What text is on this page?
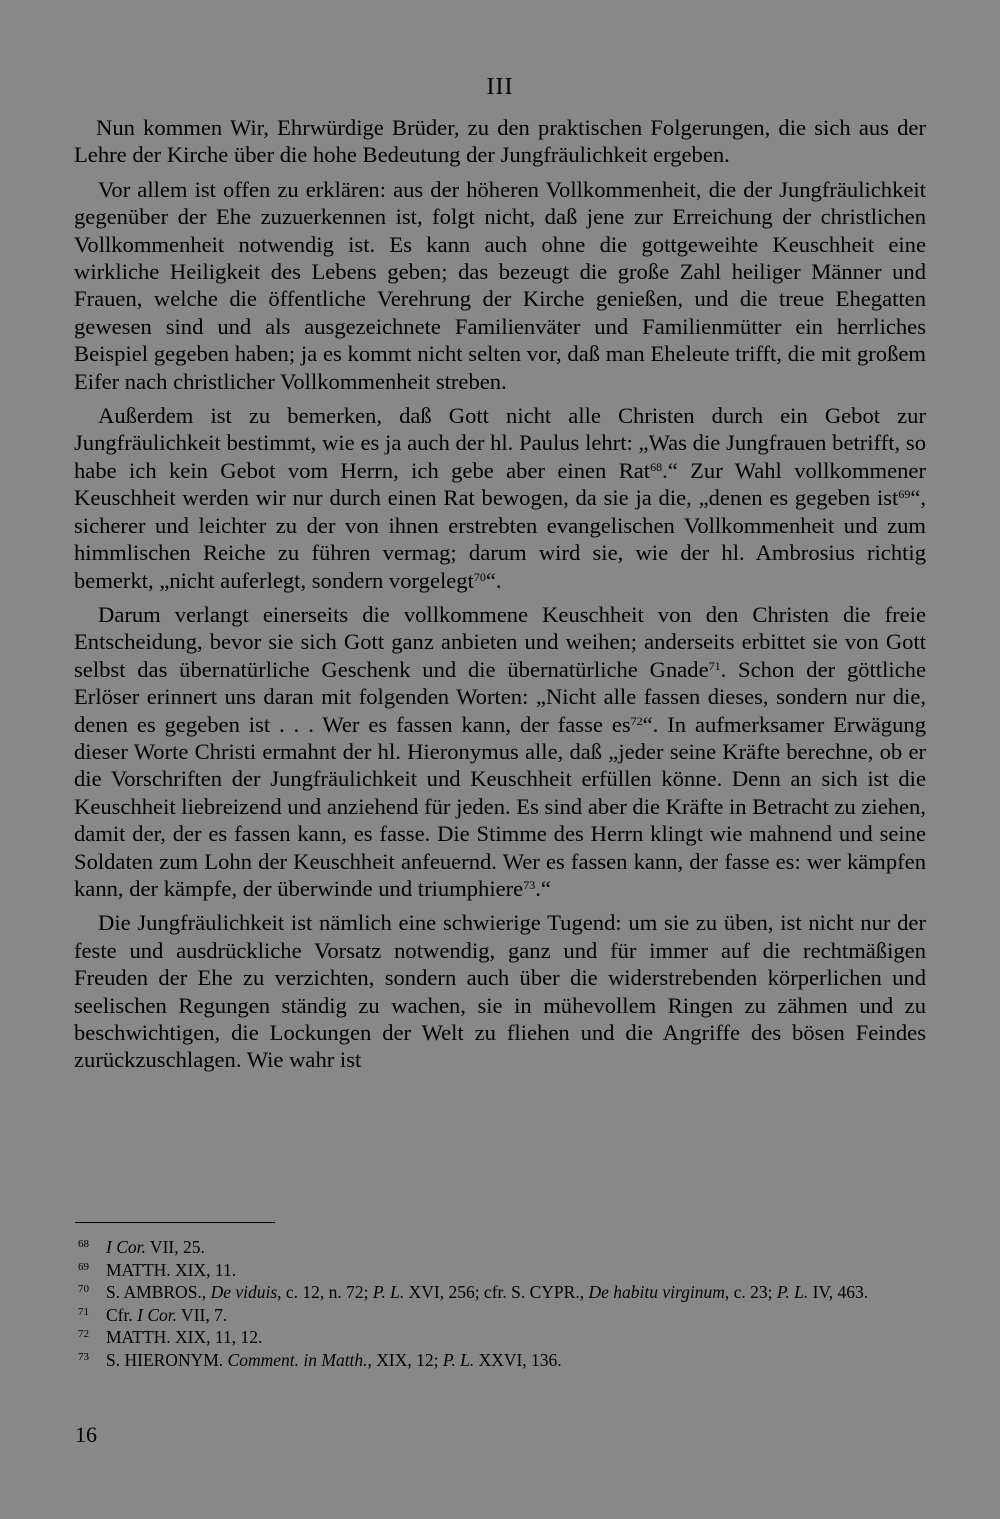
III

Nun kommen Wir, Ehrwürdige Brüder, zu den praktischen Folgerungen, die sich aus der Lehre der Kirche über die hohe Bedeutung der Jungfräulichkeit ergeben.

Vor allem ist offen zu erklären: aus der höheren Vollkommenheit, die der Jungfräulichkeit gegenüber der Ehe zuzuerkennen ist, folgt nicht, daß jene zur Erreichung der christlichen Vollkommenheit notwendig ist. Es kann auch ohne die gottgeweihte Keuschheit eine wirkliche Heiligkeit des Lebens geben; das bezeugt die große Zahl heiliger Männer und Frauen, welche die öffentliche Verehrung der Kirche genießen, und die treue Ehegatten gewesen sind und als ausgezeichnete Familienväter und Familienmütter ein herrliches Beispiel gegeben haben; ja es kommt nicht selten vor, daß man Eheleute trifft, die mit großem Eifer nach christlicher Vollkommenheit streben.

Außerdem ist zu bemerken, daß Gott nicht alle Christen durch ein Gebot zur Jungfräulichkeit bestimmt, wie es ja auch der hl. Paulus lehrt: „Was die Jungfrauen betrifft, so habe ich kein Gebot vom Herrn, ich gebe aber einen Rat$^{68}$.“ Zur Wahl vollkommener Keuschheit werden wir nur durch einen Rat bewogen, da sie ja die, „denen es gegeben ist$^{69}$“, sicherer und leichter zu der von ihnen erstrebten evangelischen Vollkommenheit und zum himmlischen Reiche zu führen vermag; darum wird sie, wie der hl. Ambrosius richtig bemerkt, „nicht auferlegt, sondern vorgelegt$^{70}$“.

Darum verlangt einerseits die vollkommene Keuschheit von den Christen die freie Entscheidung, bevor sie sich Gott ganz anbieten und weihen; anderseits erbittet sie von Gott selbst das übernatürliche Geschenk und die übernatürliche Gnade$^{71}$. Schon der göttliche Erlöser erinnert uns daran mit folgenden Worten: „Nicht alle fassen dieses, sondern nur die, denen es gegeben ist . . . Wer es fassen kann, der fasse $es^{72}“$. In aufmerksamer Erwägung dieser Worte Christi ermahnt der hl. Hieronymus alle, daß „jeder seine Kräfte berechne, ob er die Vorschriften der Jungfräulichkeit und Keuschheit erfüllen könne. Denn an sich ist die Keuschheit liebreizend und anziehend für jeden. Es sind aber die Kräfte in Betracht zu ziehen, damit der, der es fassen kann, es fasse. Die Stimme des Herrn klingt wie mahnend und seine Soldaten zum Lohn der Keuschheit anfeuernd. Wer es fassen kann, der fasse es: wer kämpfen kann, der kämpfe, der überwinde und triumphiere$^{73}$.“

Die Jungfräulichkeit ist nämlich eine schwierige Tugend: um sie zu üben, ist nicht nur der feste und ausdrückliche Vorsatz notwendig, ganz und für immer auf die rechtmäßigen Freuden der Ehe zu verzichten, sondern auch über die widerstrebenden körperlichen und seelischen Regungen ständig zu wachen, sie in mühevollem Ringen zu zähmen und zu beschwichtigen, die Lockungen der Welt zu fliehen und die Angriffe des bösen Feindes zurückzuschlagen. Wie wahr ist

68 I Cor. VII, 25.
69 MATTH. XIX, 11.
70 S. AMBROS., De viduis, c. 12, n. 72; P. L. XVI, 256; cfr. S. CYPR., De habitu virginum, c. 23; P. L. IV, 463.
71 Cfr. I Cor. VII, 7.
72 MATTH. XIX, 11, 12.
73 S. HIERONYM. Comment. in Matth., XIX, 12; P. L. XXVI, 136.
16
